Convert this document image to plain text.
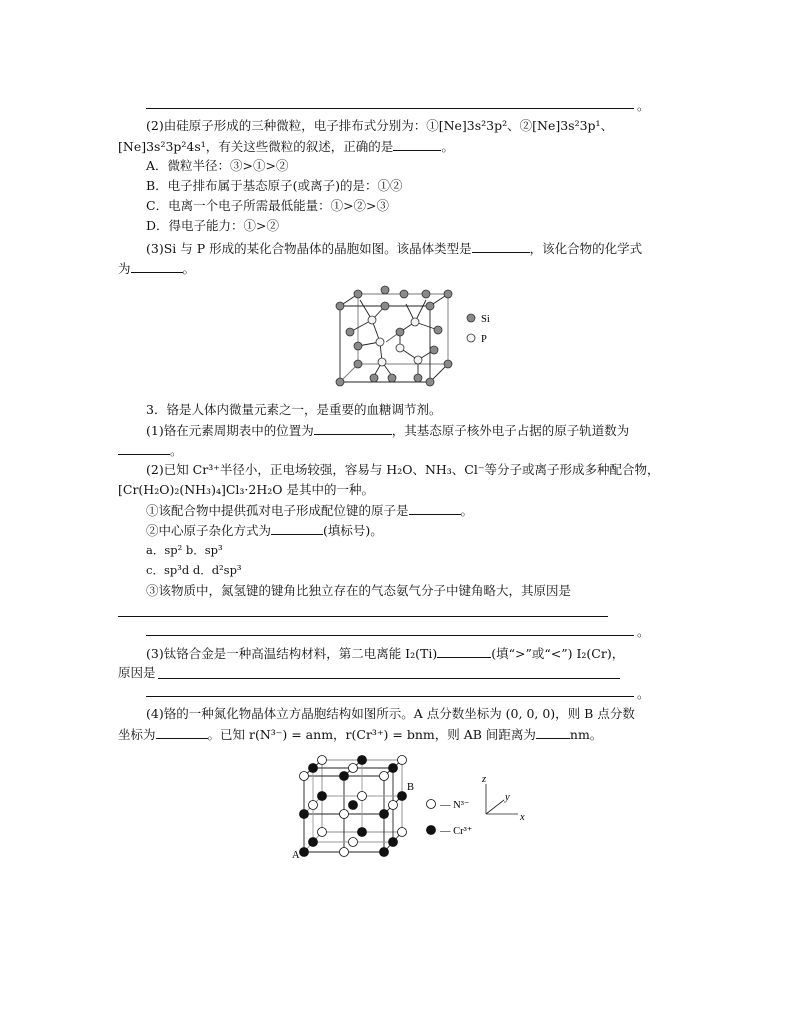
。
(2)由硅原子形成的三种微粒，电子排布式分别为：①[Ne]3s²3p²、②[Ne]3s²3p¹、
[Ne]3s²3p²4s¹，有关这些微粒的叙述，正确的是	。
A．微粒半径：③>①>②
B．电子排布属于基态原子(或离子)的是：①②
C．电离一个电子所需最低能量：①>②>③
D．得电子能力：①>②
(3)Si 与 P 形成的某化合物晶体的晶胞如图。该晶体类型是	，该化合物的化学式
为	。
Si
P
3．铬是人体内微量元素之一，是重要的血糖调节剂。
(1)铬在元素周期表中的位置为	，其基态原子核外电子占据的原子轨道数为
。
(2)已知 Cr³⁺半径小，正电场较强，容易与 H₂O、NH₃、Cl⁻等分子或离子形成多种配合物，
[Cr(H₂O)₂(NH₃)₄]Cl₃·2H₂O 是其中的一种。
①该配合物中提供孤对电子形成配位键的原子是	。
②中心原子杂化方式为	(填标号)。
a．sp² b．sp³
c．sp³d d．d²sp³
③该物质中，氮氢键的键角比独立存在的气态氨气分子中键角略大，其原因是
。
(3)钛铬合金是一种高温结构材料，第二电离能 I₂(Ti)	(填“>”或“<”) I₂(Cr)，
原因是
。
(4)铬的一种氮化物晶体立方晶胞结构如图所示。A 点分数坐标为 (0, 0, 0)，则 B 点分数
坐标为	。已知 r(N³⁻) = anm，r(Cr³⁺) = bnm，则 AB 间距离为	nm。
A
B
— N³⁻
— Cr³⁺
x
y
z
